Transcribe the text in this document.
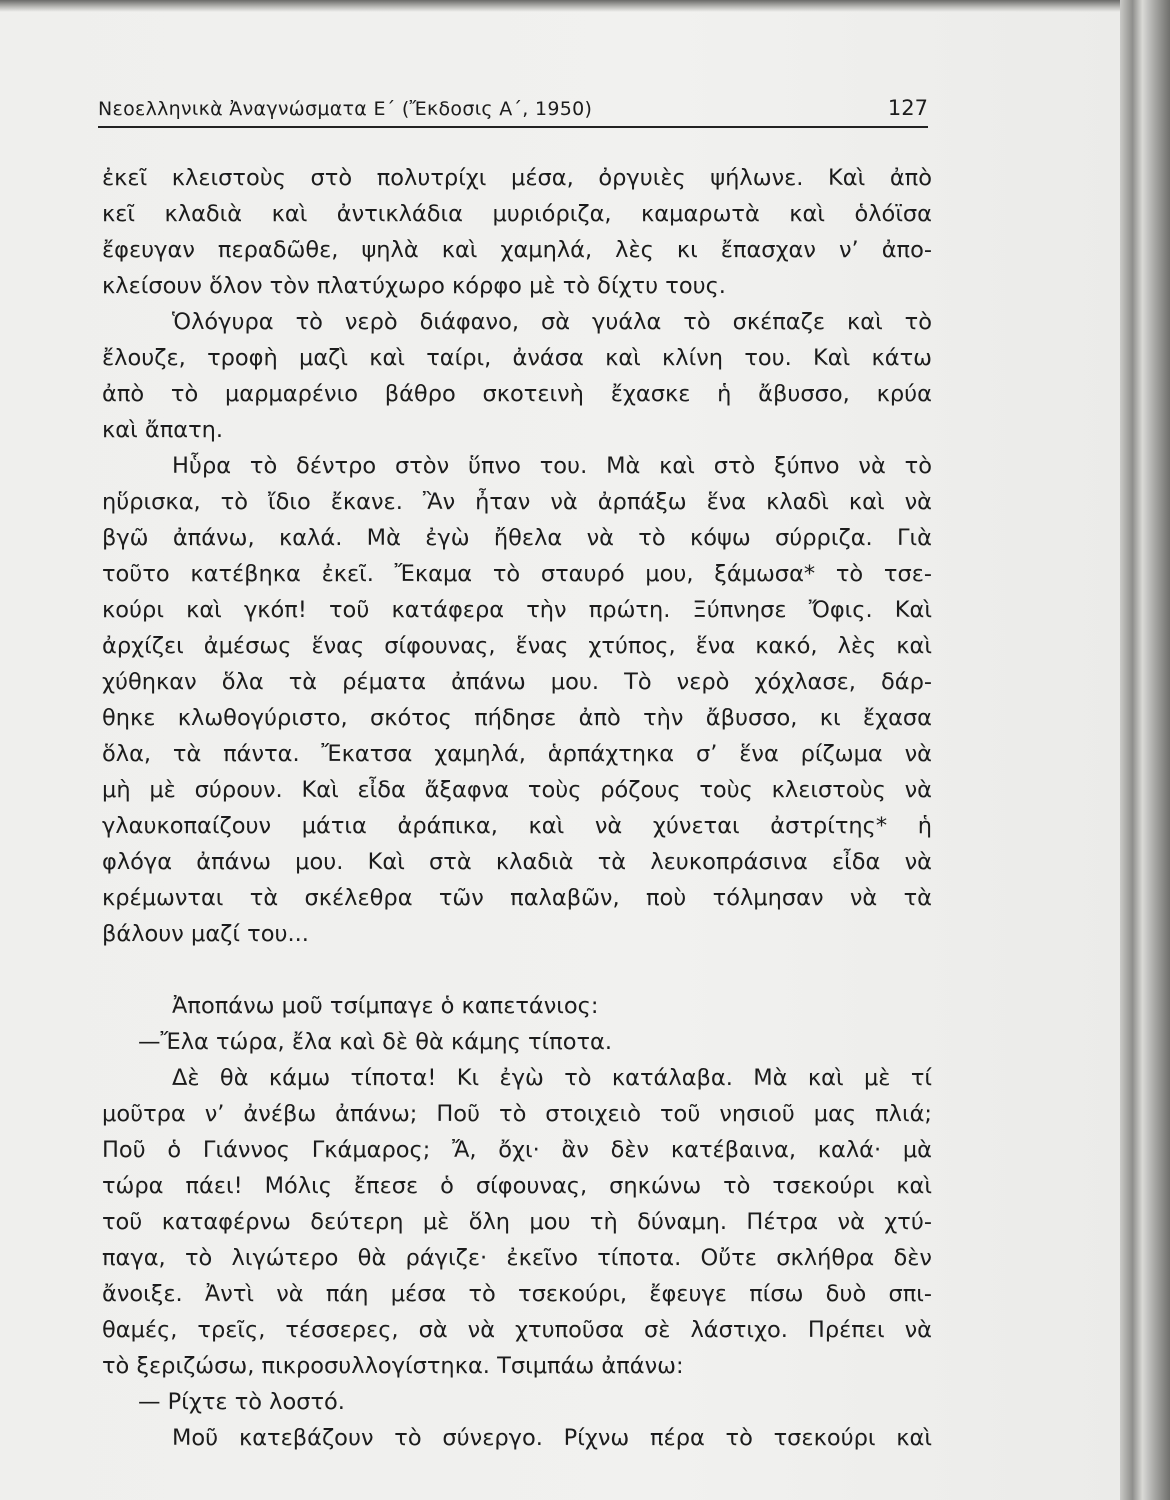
Νεοελληνικὰ Ἀναγνώσματα Ε΄ (Ἔκδοσις Α΄, 1950)	127
ἐκεῖ κλειστοὺς στὸ πολυτρίχι μέσα, ὀργυιὲς ψήλωνε. Καὶ ἀπὸ
κεῖ κλαδιὰ καὶ ἀντικλάδια μυριόριζα, καμαρωτὰ καὶ ὁλόϊσα
ἔφευγαν περαδῶθε, ψηλὰ καὶ χαμηλά, λὲς κι ἔπασχαν ν’ ἀπο-
κλείσουν ὅλον τὸν πλατύχωρο κόρφο μὲ τὸ δίχτυ τους.
Ὁλόγυρα τὸ νερὸ διάφανο, σὰ γυάλα τὸ σκέπαζε καὶ τὸ
ἔλουζε, τροφὴ μαζὶ καὶ ταίρι, ἀνάσα καὶ κλίνη του. Καὶ κάτω
ἀπὸ τὸ μαρμαρένιο βάθρο σκοτεινὴ ἔχασκε ἡ ἄβυσσο, κρύα
καὶ ἄπατη.
Ηὗρα τὸ δέντρο στὸν ὕπνο του. Μὰ καὶ στὸ ξύπνο νὰ τὸ
ηὕρισκα, τὸ ἴδιο ἔκανε. Ἂν ἦταν νὰ ἀρπάξω ἕνα κλαδὶ καὶ νὰ
βγῶ ἀπάνω, καλά. Μὰ ἐγὼ ἤθελα νὰ τὸ κόψω σύρριζα. Γιὰ
τοῦτο κατέβηκα ἐκεῖ. Ἔκαμα τὸ σταυρό μου, ξάμωσα* τὸ τσε-
κούρι καὶ γκόπ! τοῦ κατάφερα τὴν πρώτη. Ξύπνησε Ὄφις. Καὶ
ἀρχίζει ἀμέσως ἕνας σίφουνας, ἕνας χτύπος, ἕνα κακό, λὲς καὶ
χύθηκαν ὅλα τὰ ρέματα ἀπάνω μου. Τὸ νερὸ χόχλασε, δάρ-
θηκε κλωθογύριστο, σκότος πήδησε ἀπὸ τὴν ἄβυσσο, κι ἔχασα
ὅλα, τὰ πάντα. Ἔκατσα χαμηλά, ἁρπάχτηκα σ’ ἕνα ρίζωμα νὰ
μὴ μὲ σύρουν. Καὶ εἶδα ἄξαφνα τοὺς ρόζους τοὺς κλειστοὺς νὰ
γλαυκοπαίζουν μάτια ἀράπικα, καὶ νὰ χύνεται ἀστρίτης* ἡ
φλόγα ἀπάνω μου. Καὶ στὰ κλαδιὰ τὰ λευκοπράσινα εἶδα νὰ
κρέμωνται τὰ σκέλεθρα τῶν παλαβῶν, ποὺ τόλμησαν νὰ τὰ
βάλουν μαζί του...
Ἀποπάνω μοῦ τσίμπαγε ὁ καπετάνιος:
—Ἔλα τώρα, ἔλα καὶ δὲ θὰ κάμης τίποτα.
Δὲ θὰ κάμω τίποτα! Κι ἐγὼ τὸ κατάλαβα. Μὰ καὶ μὲ τί
μοῦτρα ν’ ἀνέβω ἀπάνω; Ποῦ τὸ στοιχειὸ τοῦ νησιοῦ μας πλιά;
Ποῦ ὁ Γιάννος Γκάμαρος; Ἄ, ὄχι· ἂν δὲν κατέβαινα, καλά· μὰ
τώρα πάει! Μόλις ἔπεσε ὁ σίφουνας, σηκώνω τὸ τσεκούρι καὶ
τοῦ καταφέρνω δεύτερη μὲ ὅλη μου τὴ δύναμη. Πέτρα νὰ χτύ-
παγα, τὸ λιγώτερο θὰ ράγιζε· ἐκεῖνο τίποτα. Οὔτε σκλήθρα δὲν
ἄνοιξε. Ἀντὶ νὰ πάη μέσα τὸ τσεκούρι, ἔφευγε πίσω δυὸ σπι-
θαμές, τρεῖς, τέσσερες, σὰ νὰ χτυποῦσα σὲ λάστιχο. Πρέπει νὰ
τὸ ξεριζώσω, πικροσυλλογίστηκα. Τσιμπάω ἀπάνω:
— Ρίχτε τὸ λοστό.
Μοῦ κατεβάζουν τὸ σύνεργο. Ρίχνω πέρα τὸ τσεκούρι καὶ
